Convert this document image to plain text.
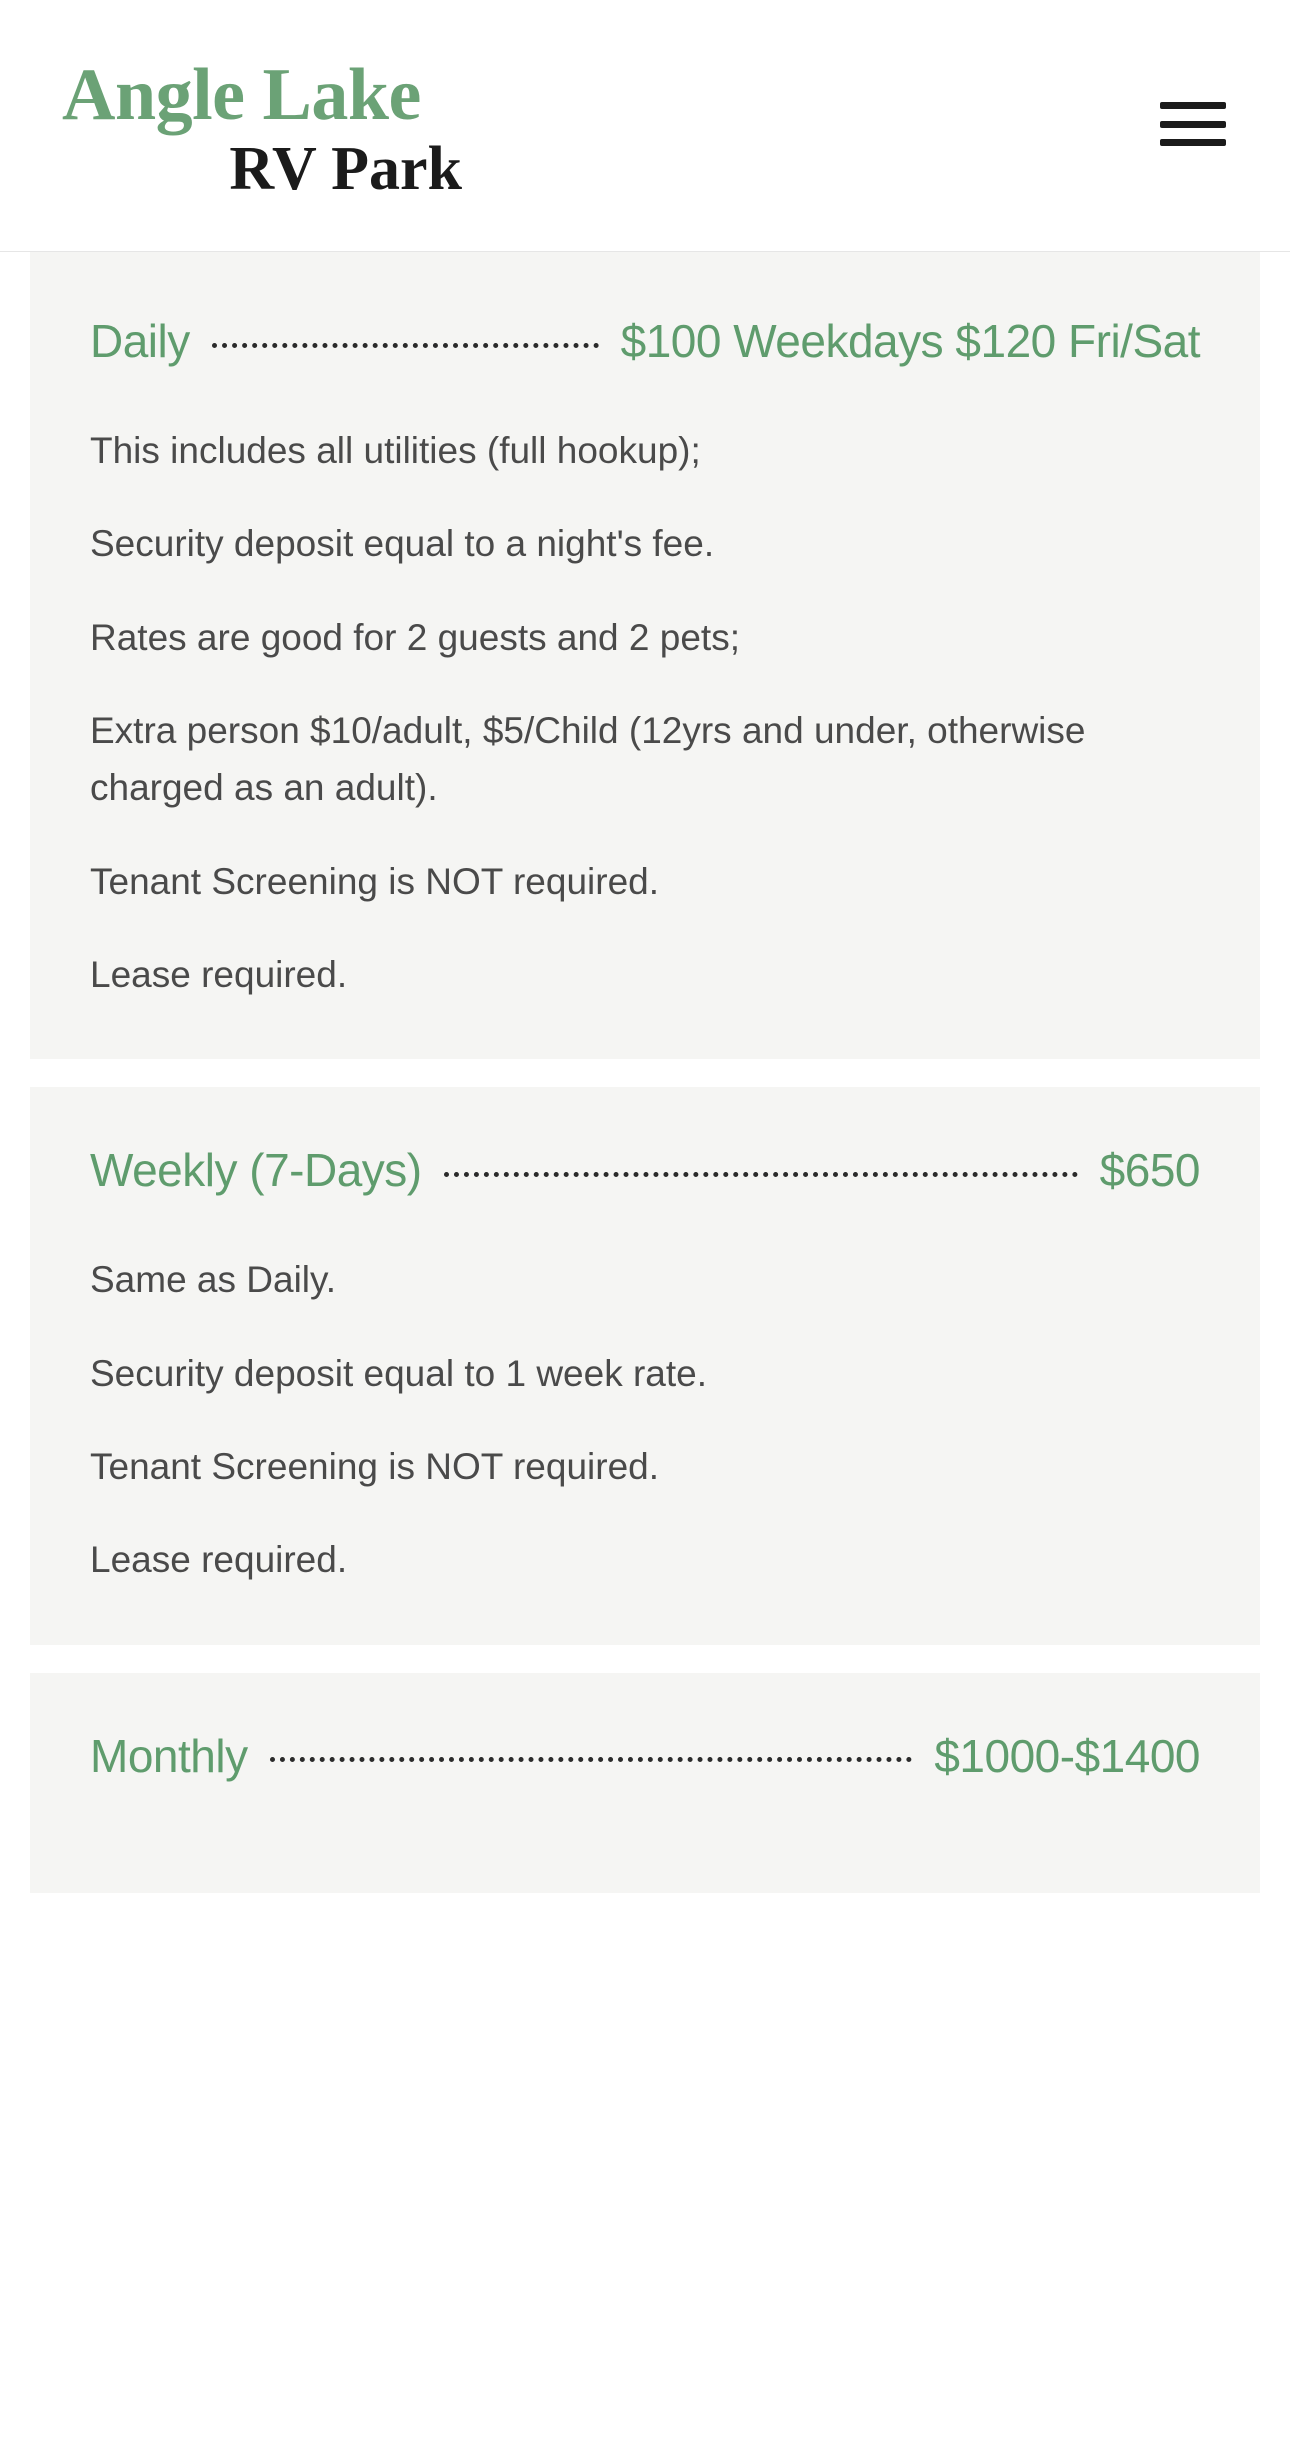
Angle Lake
RV Park
Daily	$100 Weekdays $120 Fri/Sat

This includes all utilities (full hookup);

Security deposit equal to a night's fee.

Rates are good for 2 guests and 2 pets;

Extra person $10/adult, $5/Child (12yrs and under, otherwise charged as an adult).

Tenant Screening is NOT required.

Lease required.

Weekly (7-Days)	$650

Same as Daily.

Security deposit equal to 1 week rate.

Tenant Screening is NOT required.

Lease required.

Monthly	$1000-$1400
